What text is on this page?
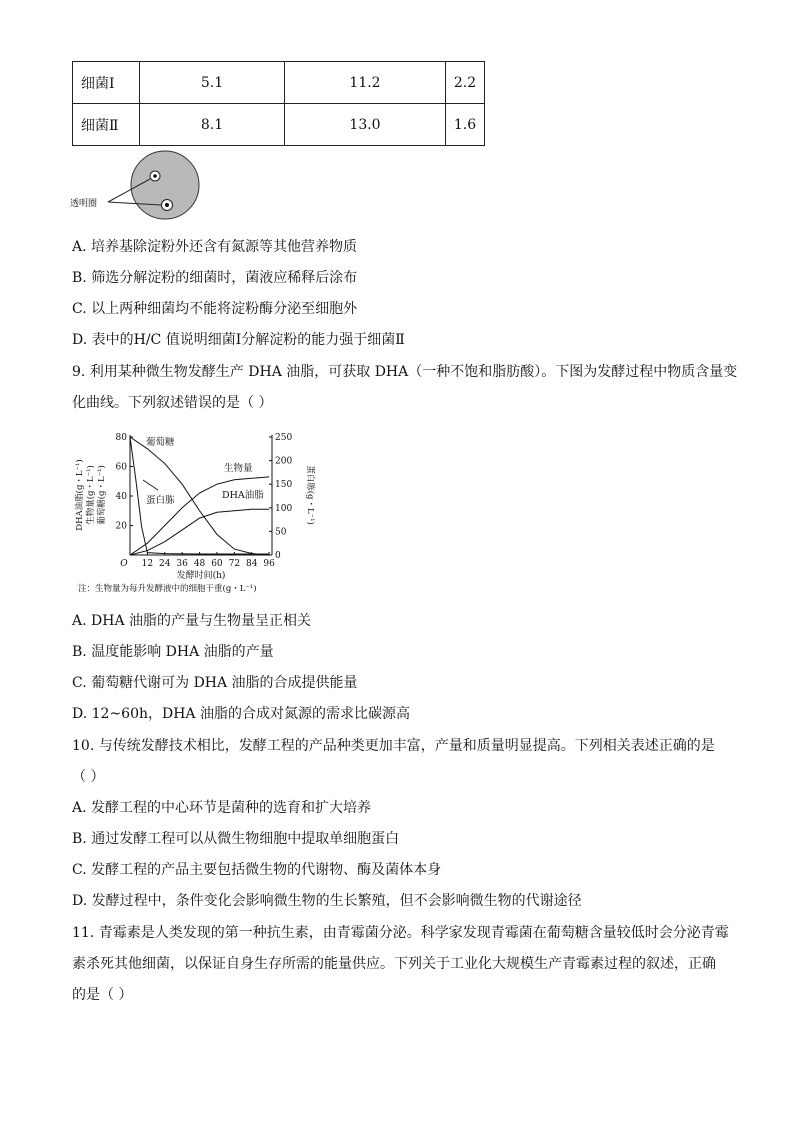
细菌Ⅰ	5.1	11.2	2.2
细菌Ⅱ	8.1	13.0	1.6
透明圈
A. 培养基除淀粉外还含有氮源等其他营养物质
B. 筛选分解淀粉的细菌时，菌液应稀释后涂布
C. 以上两种细菌均不能将淀粉酶分泌至细胞外
D. 表中的H/C 值说明细菌Ⅰ分解淀粉的能力强于细菌Ⅱ
9. 利用某种微生物发酵生产 DHA 油脂，可获取 DHA（一种不饱和脂肪酸）。下图为发酵过程中物质含量变
化曲线。下列叙述错误的是（ ）
O 12 24 36 48 60 72 84 96
80
60
40
20
250
200
150
100
50
0
葡萄糖
生物量
DHA油脂
蛋白胨
DHA油脂(g・L⁻¹) 生物量(g・L⁻¹) 葡萄糖(g・L⁻¹)	蛋白胨(g・L⁻¹)
发酵时间(h)
注：生物量为每升发酵液中的细胞干重(g・L⁻¹)
A. DHA 油脂的产量与生物量呈正相关
B. 温度能影响 DHA 油脂的产量
C. 葡萄糖代谢可为 DHA 油脂的合成提供能量
D. 12~60h，DHA 油脂的合成对氮源的需求比碳源高
10. 与传统发酵技术相比，发酵工程的产品种类更加丰富，产量和质量明显提高。下列相关表述正确的是
（ ）
A. 发酵工程的中心环节是菌种的选育和扩大培养
B. 通过发酵工程可以从微生物细胞中提取单细胞蛋白
C. 发酵工程的产品主要包括微生物的代谢物、酶及菌体本身
D. 发酵过程中，条件变化会影响微生物的生长繁殖，但不会影响微生物的代谢途径
11. 青霉素是人类发现的第一种抗生素，由青霉菌分泌。科学家发现青霉菌在葡萄糖含量较低时会分泌青霉
素杀死其他细菌，以保证自身生存所需的能量供应。下列关于工业化大规模生产青霉素过程的叙述，正确
的是（ ）
